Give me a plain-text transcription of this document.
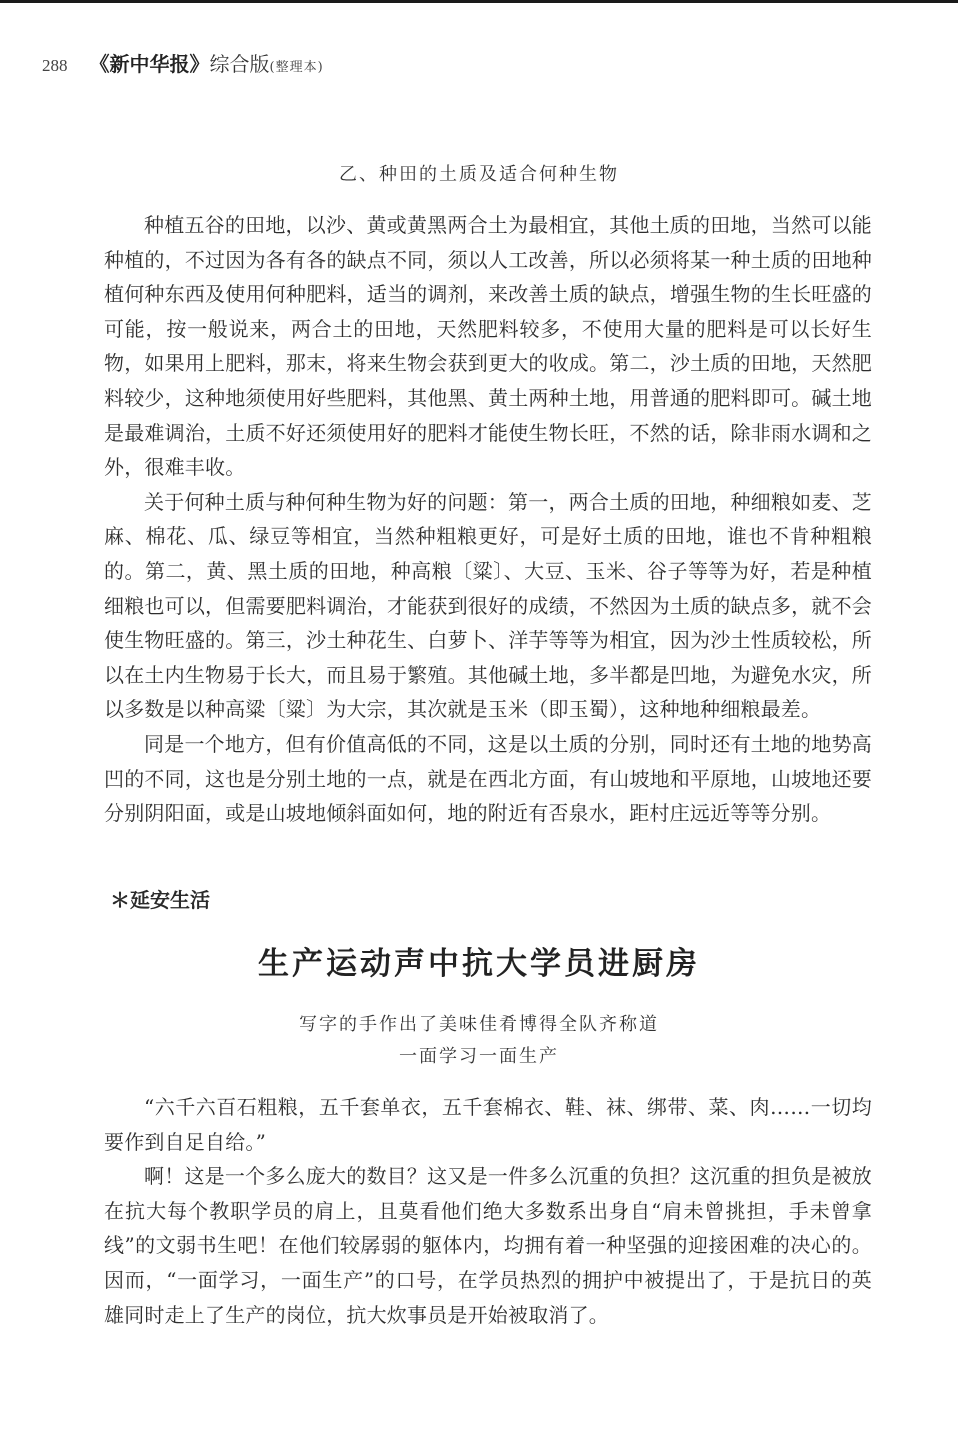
288 《新中华报》 综合版 (整理本)
乙、种田的土质及适合何种生物

种植五谷的田地，以沙、黄或黄黑两合土为最相宜，其他土质的田地，当然可以能种植的，不过因为各有各的缺点不同，须以人工改善，所以必须将某一种土质的田地种植何种东西及使用何种肥料，适当的调剂，来改善土质的缺点，增强生物的生长旺盛的可能，按一般说来，两合土的田地，天然肥料较多，不使用大量的肥料是可以长好生物，如果用上肥料，那末，将来生物会获到更大的收成。第二，沙土质的田地，天然肥料较少，这种地须使用好些肥料，其他黑、黄土两种土地，用普通的肥料即可。碱土地是最难调治，土质不好还须使用好的肥料才能使生物长旺，不然的话，除非雨水调和之外，很难丰收。

关于何种土质与种何种生物为好的问题：第一，两合土质的田地，种细粮如麦、芝麻、棉花、瓜、绿豆等相宜，当然种粗粮更好，可是好土质的田地，谁也不肯种粗粮的。第二，黄、黑土质的田地，种高粮〔粱〕、大豆、玉米、谷子等等为好，若是种植细粮也可以，但需要肥料调治，才能获到很好的成绩，不然因为土质的缺点多，就不会使生物旺盛的。第三，沙土种花生、白萝卜、洋芋等等为相宜，因为沙土性质较松，所以在土内生物易于长大，而且易于繁殖。其他碱土地，多半都是凹地，为避免水灾，所以多数是以种高粱〔粱〕为大宗，其次就是玉米（即玉蜀），这种地种细粮最差。

同是一个地方，但有价值高低的不同，这是以土质的分别，同时还有土地的地势高凹的不同，这也是分别土地的一点，就是在西北方面，有山坡地和平原地，山坡地还要分别阴阳面，或是山坡地倾斜面如何，地的附近有否泉水，距村庄远近等等分别。

＊延安生活
生产运动声中抗大学员进厨房
写字的手作出了美味佳肴博得全队齐称道
一面学习一面生产

“六千六百石粗粮，五千套单衣，五千套棉衣、鞋、袜、绑带、菜、肉……一切均要作到自足自给。”

啊！这是一个多么庞大的数目？这又是一件多么沉重的负担？这沉重的担负是被放在抗大每个教职学员的肩上，且莫看他们绝大多数系出身自“肩未曾挑担，手未曾拿线”的文弱书生吧！在他们较孱弱的躯体内，均拥有着一种坚强的迎接困难的决心的。因而，“一面学习，一面生产”的口号，在学员热烈的拥护中被提出了，于是抗日的英雄同时走上了生产的岗位，抗大炊事员是开始被取消了。
